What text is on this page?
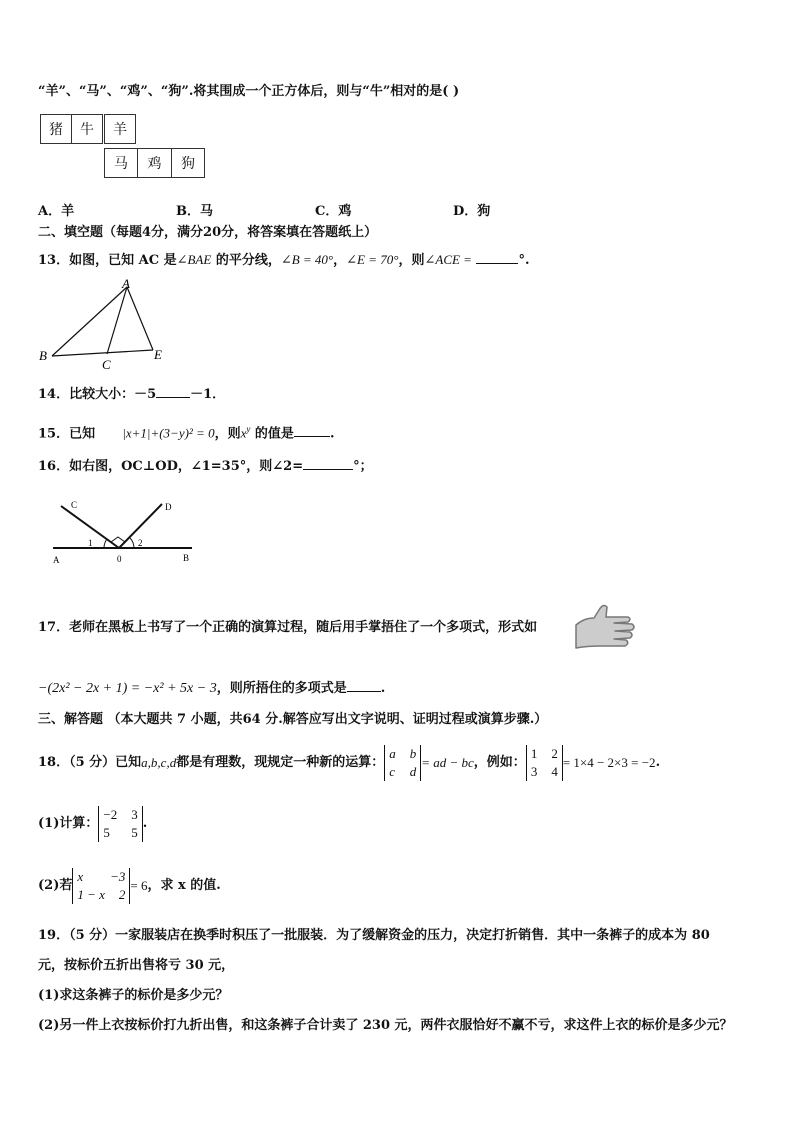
“羊”、“马”、“鸡”、“狗”.将其围成一个正方体后，则与“牛”相对的是( )
猪	牛	羊
马	鸡	狗
A．羊	B．马	C．鸡	D．狗
二、填空题（每题4分，满分20分，将答案填在答题纸上）
13．如图，已知 AC 是∠BAE 的平分线，∠B = 40°，∠E = 70°，则∠ACE =	°.
A
B
C
E
14．比较大小：－5	－1．
15．已知 |x+1|+(3−y)² = 0，则$x^y$ 的值是	.
16．如右图，OC⊥OD，∠1=35°，则∠2=	°；
C	D
A	0	B
1	2
17．老师在黑板上书写了一个正确的演算过程，随后用手掌捂住了一个多项式，形式如
−(2x² − 2x + 1) = −x² + 5x − 3，则所捂住的多项式是	.
三、解答题 （本大题共 7 小题，共64 分.解答应写出文字说明、证明过程或演算步骤.）
18．（5 分）已知 a,b,c,d 都是有理数，现规定一种新的运算：
a b
c d
= ad − bc ，例如：
1 2
3 4
= 1×4 − 2×3 = −2 .
(1)计算：
−2 3
5 5
.
(2)若
x −3
1 − x 2
= 6 ，求 x 的值.
19．（5 分）一家服装店在换季时积压了一批服装．为了缓解资金的压力，决定打折销售．其中一条裤子的成本为 80
元，按标价五折出售将亏 30 元，
(1)求这条裤子的标价是多少元？
(2)另一件上衣按标价打九折出售，和这条裤子合计卖了 230 元，两件衣服恰好不赢不亏，求这件上衣的标价是多少元？
